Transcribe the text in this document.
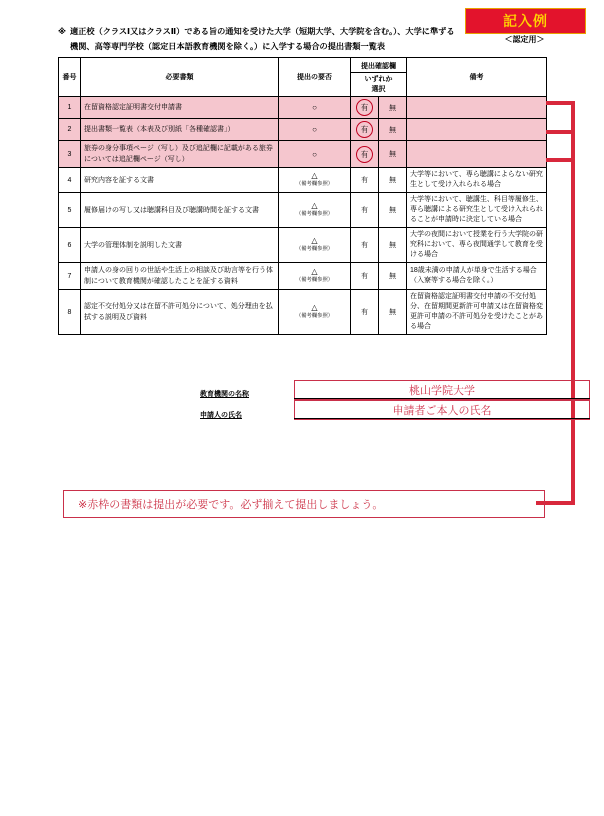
記入例
＜認定用＞
※ 適正校（クラスⅠ又はクラスⅡ）である旨の通知を受けた大学（短期大学、大学院を含む。）、大学に準ずる
機関、高等専門学校（認定日本語教育機関を除く。）に入学する場合の提出書類一覧表
番号	必要書類	提出の要否	提出確認欄
いずれか
選択		備考
1	在留資格認定証明書交付申請書	○	有	無	
2	提出書類一覧表（本表及び別紙「各種確認書」）	○	有	無	
3	旅券の身分事項ページ（写し）及び追記欄に記載がある旅券については追記欄ページ（写し）	○	有	無	
4	研究内容を証する文書	△
（備考欄参照）	有	無	大学等において、専ら聴講によらない研究生として受け入れられる場合
5	履修届けの写し又は聴講科目及び聴講時間を証する文書	△
（備考欄参照）	有	無	大学等において、聴講生、科目等履修生、専ら聴講による研究生として受け入れられることが申請時に決定している場合
6	大学の管理体制を説明した文書	△
（備考欄参照）	有	無	大学の夜間において授業を行う大学院の研究科において、専ら夜間通学して教育を受ける場合
7	申請人の身の回りの世話や生活上の相談及び助言等を行う体制について教育機関が確認したことを証する資料	△
（備考欄参照）	有	無	18歳未満の申請人が単身で生活する場合（入寮等する場合を除く。）
8	認定不交付処分又は在留不許可処分について、処分理由を払拭する説明及び資料	△
（備考欄参照）	有	無	在留資格認定証明書交付申請の不交付処分、在留期間更新許可申請又は在留資格変更許可申請の不許可処分を受けたことがある場合
教育機関の名称	桃山学院大学
申請人の氏名	申請者ご本人の氏名
※赤枠の書類は提出が必要です。必ず揃えて提出しましょう。
